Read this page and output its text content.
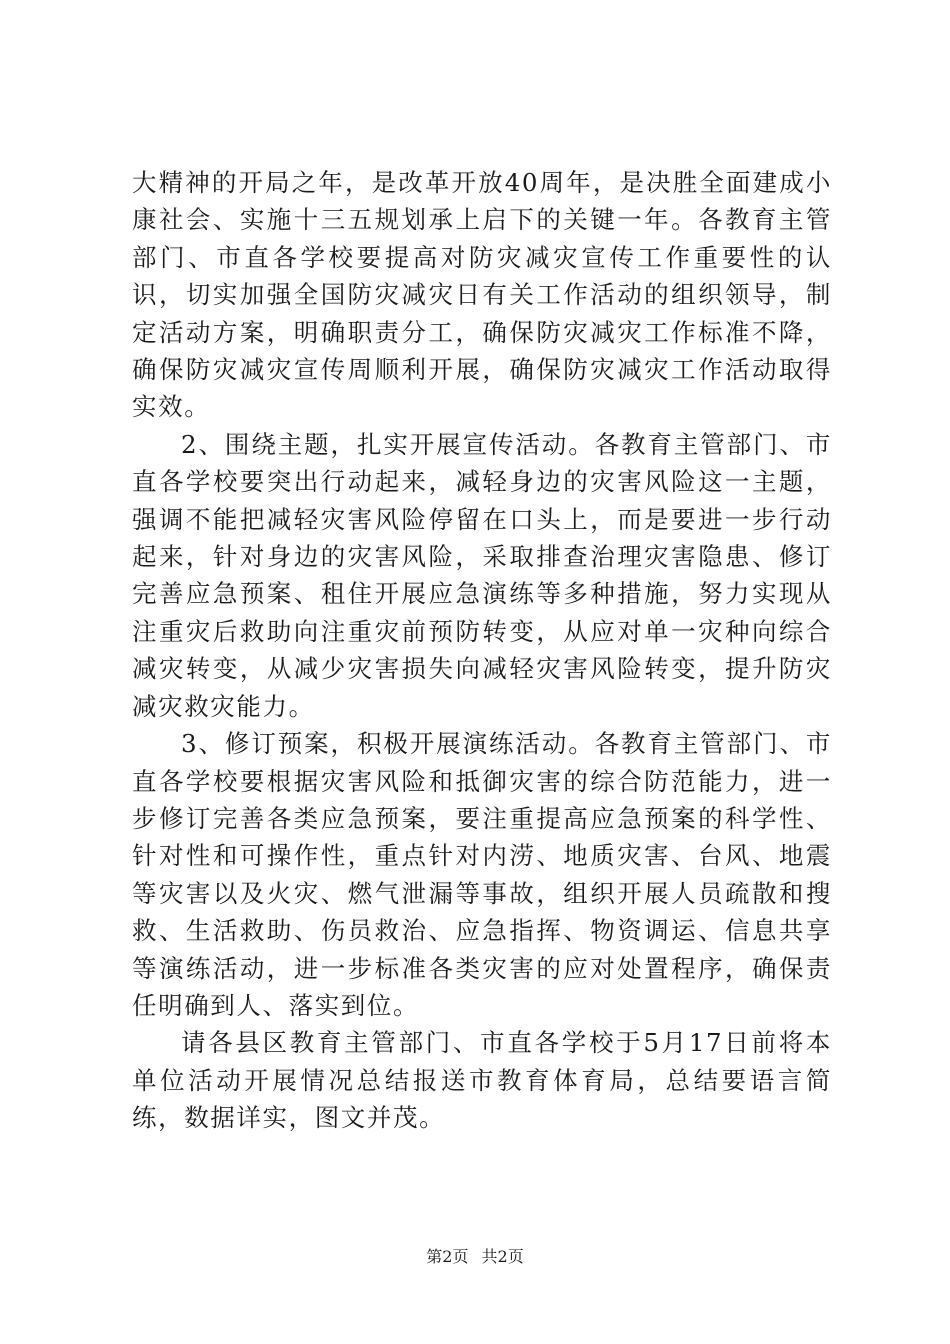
大精神的开局之年，是改革开放40周年，是决胜全面建成小康社会、实施十三五规划承上启下的关键一年。各教育主管部门、市直各学校要提高对防灾减灾宣传工作重要性的认识，切实加强全国防灾减灾日有关工作活动的组织领导，制定活动方案，明确职责分工，确保防灾减灾工作标准不降，确保防灾减灾宣传周顺利开展，确保防灾减灾工作活动取得实效。

2、围绕主题，扎实开展宣传活动。各教育主管部门、市直各学校要突出行动起来，减轻身边的灾害风险这一主题，强调不能把减轻灾害风险停留在口头上，而是要进一步行动起来，针对身边的灾害风险，采取排查治理灾害隐患、修订完善应急预案、租住开展应急演练等多种措施，努力实现从注重灾后救助向注重灾前预防转变，从应对单一灾种向综合减灾转变，从减少灾害损失向减轻灾害风险转变，提升防灾减灾救灾能力。

3、修订预案，积极开展演练活动。各教育主管部门、市直各学校要根据灾害风险和抵御灾害的综合防范能力，进一步修订完善各类应急预案，要注重提高应急预案的科学性、针对性和可操作性，重点针对内涝、地质灾害、台风、地震等灾害以及火灾、燃气泄漏等事故，组织开展人员疏散和搜救、生活救助、伤员救治、应急指挥、物资调运、信息共享等演练活动，进一步标准各类灾害的应对处置程序，确保责任明确到人、落实到位。

请各县区教育主管部门、市直各学校于5月17日前将本单位活动开展情况总结报送市教育体育局，总结要语言简练，数据详实，图文并茂。

第2页 共2页
